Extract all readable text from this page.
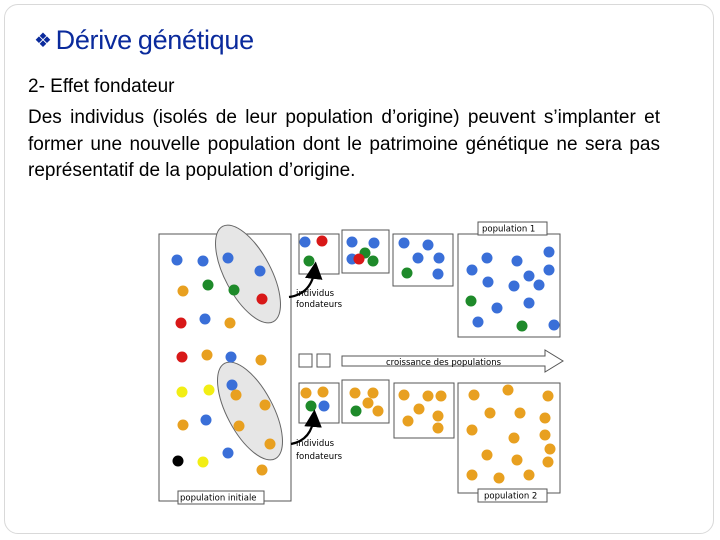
❖ Dérive génétique
2- Effet fondateur
Des individus (isolés de leur population d’origine) peuvent s’implanter et former une nouvelle population dont le patrimoine génétique ne sera pas représentatif de la population d’origine.
croissance des populations
individus
fondateurs
individus
fondateurs
population 1
population 2
population initiale
